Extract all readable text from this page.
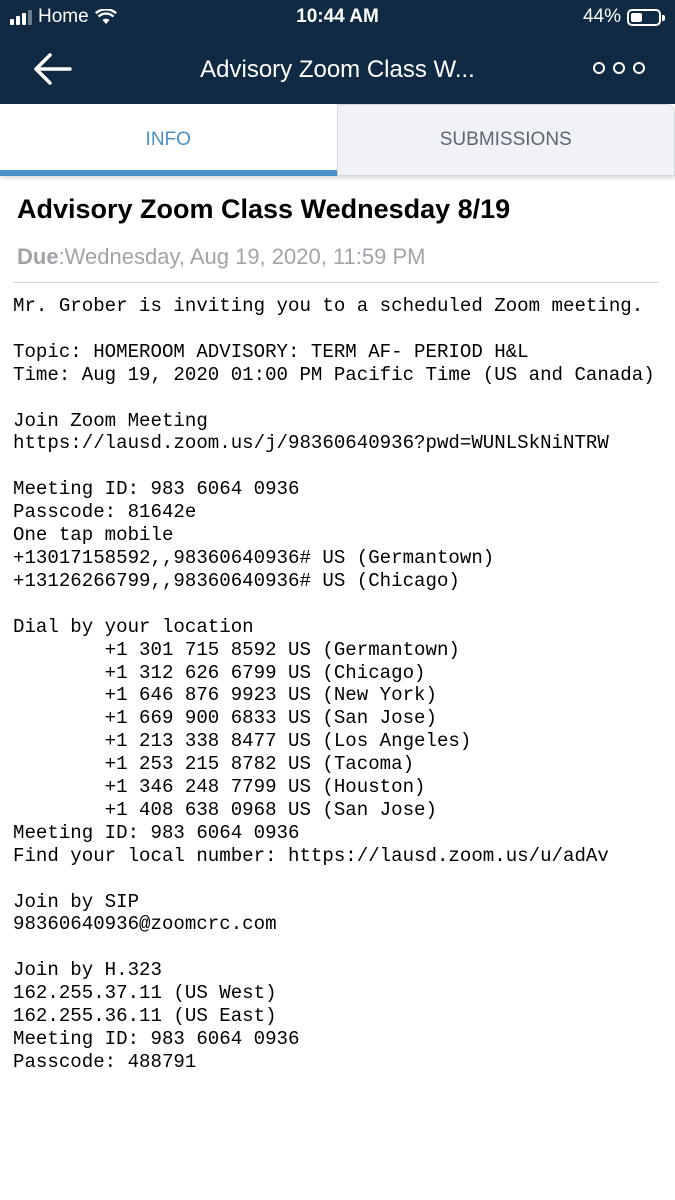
Home	10:44 AM	44%
Advisory Zoom Class W...
INFO	SUBMISSIONS
Advisory Zoom Class Wednesday 8/19
Due:Wednesday, Aug 19, 2020, 11:59 PM
Mr. Grober is inviting you to a scheduled Zoom meeting.

Topic: HOMEROOM ADVISORY: TERM AF- PERIOD H&L
Time: Aug 19, 2020 01:00 PM Pacific Time (US and Canada)

Join Zoom Meeting
https://lausd.zoom.us/j/98360640936?pwd=WUNLSkNiNTRW

Meeting ID: 983 6064 0936
Passcode: 81642e
One tap mobile
+13017158592,,98360640936# US (Germantown)
+13126266799,,98360640936# US (Chicago)

Dial by your location
+1 301 715 8592 US (Germantown)
+1 312 626 6799 US (Chicago)
+1 646 876 9923 US (New York)
+1 669 900 6833 US (San Jose)
+1 213 338 8477 US (Los Angeles)
+1 253 215 8782 US (Tacoma)
+1 346 248 7799 US (Houston)
+1 408 638 0968 US (San Jose)
Meeting ID: 983 6064 0936
Find your local number: https://lausd.zoom.us/u/adAv

Join by SIP
98360640936@zoomcrc.com

Join by H.323
162.255.37.11 (US West)
162.255.36.11 (US East)
Meeting ID: 983 6064 0936
Passcode: 488791
